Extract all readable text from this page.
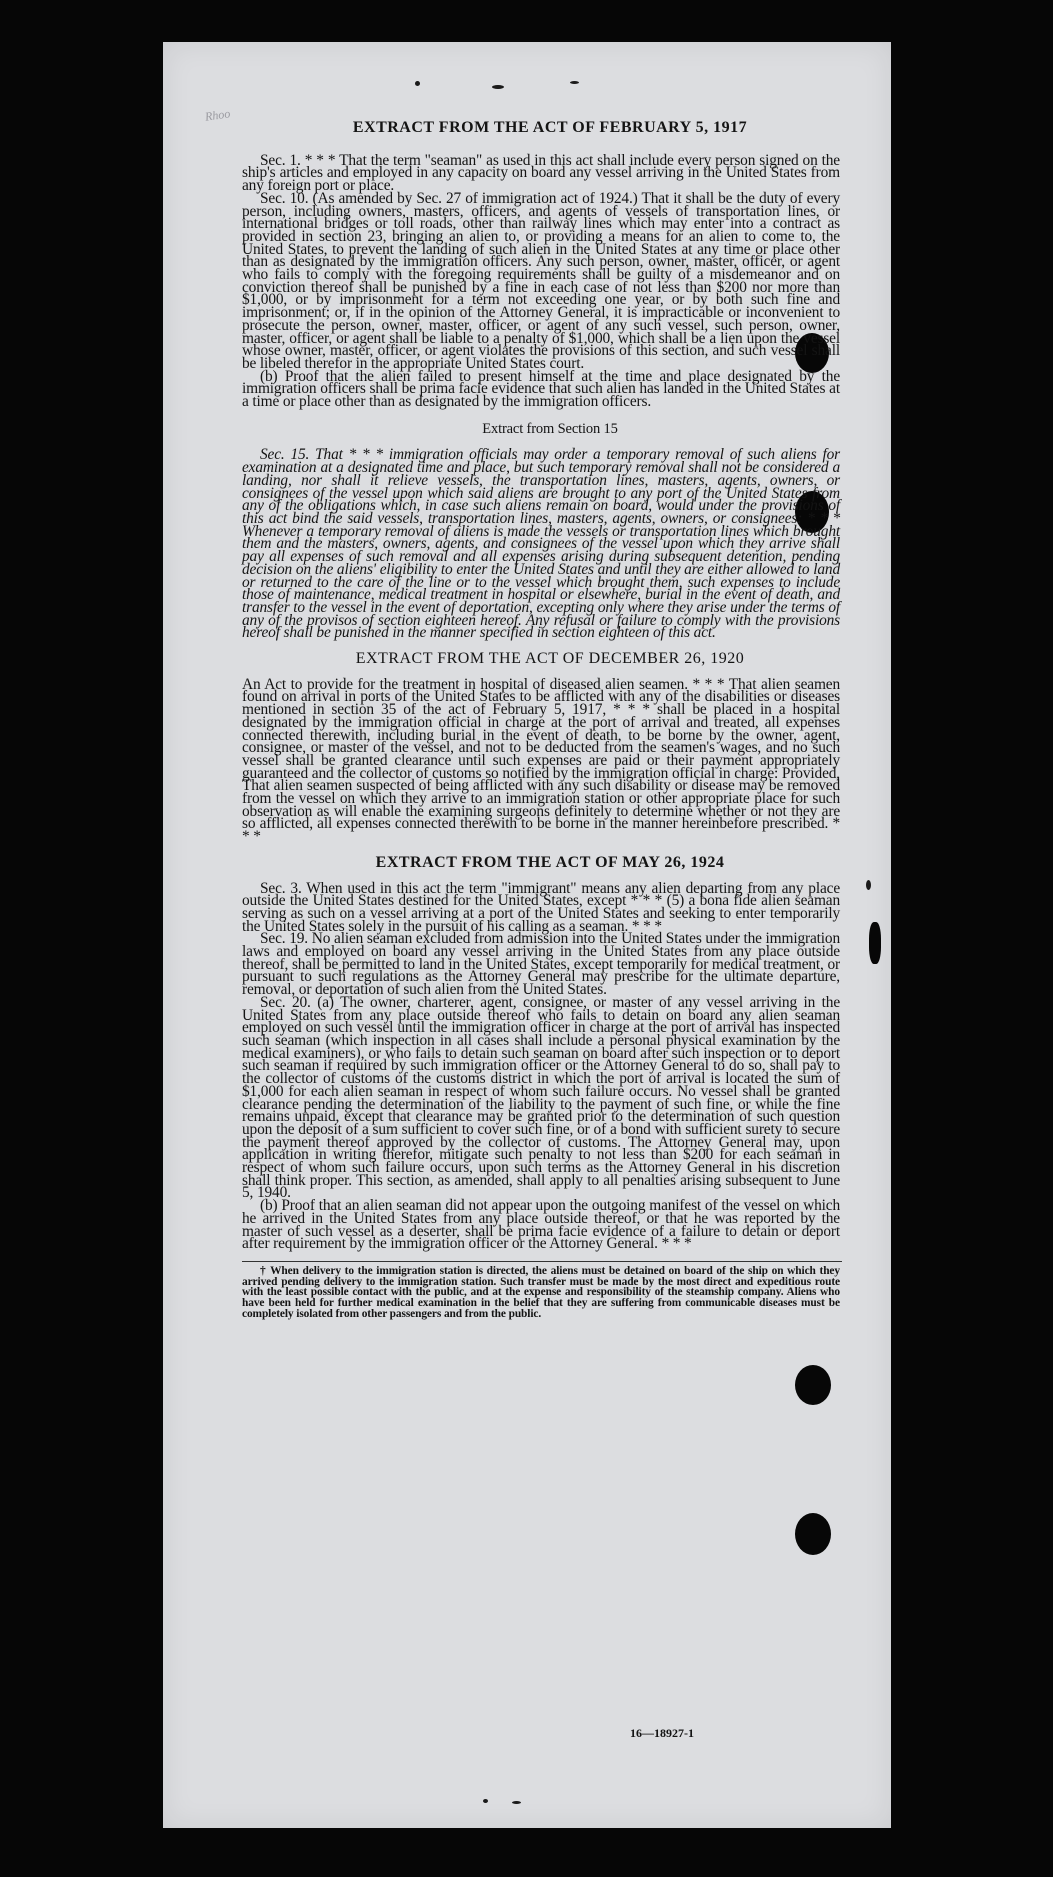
Rhoo

EXTRACT FROM THE ACT OF FEBRUARY 5, 1917

Sec. 1. * * * That the term "seaman" as used in this act shall include every person signed on the ship's articles and employed in any capacity on board any vessel arriving in the United States from any foreign port or place.

Sec. 10. (As amended by Sec. 27 of immigration act of 1924.) That it shall be the duty of every person, including owners, masters, officers, and agents of vessels of transportation lines, or international bridges or toll roads, other than railway lines which may enter into a contract as provided in section 23, bringing an alien to, or providing a means for an alien to come to, the United States, to prevent the landing of such alien in the United States at any time or place other than as designated by the immigration officers. Any such person, owner, master, officer, or agent who fails to comply with the foregoing requirements shall be guilty of a misdemeanor and on conviction thereof shall be punished by a fine in each case of not less than $200 nor more than $1,000, or by imprisonment for a term not exceeding one year, or by both such fine and imprisonment; or, if in the opinion of the Attorney General, it is impracticable or inconvenient to prosecute the person, owner, master, officer, or agent of any such vessel, such person, owner, master, officer, or agent shall be liable to a penalty of $1,000, which shall be a lien upon the vessel whose owner, master, officer, or agent violates the provisions of this section, and such vessel shall be libeled therefor in the appropriate United States court.

(b) Proof that the alien failed to present himself at the time and place designated by the immigration officers shall be prima facie evidence that such alien has landed in the United States at a time or place other than as designated by the immigration officers.

Extract from Section 15

Sec. 15. That * * * immigration officials may order a temporary removal of such aliens for examination at a designated time and place, but such temporary removal shall not be considered a landing, nor shall it relieve vessels, the transportation lines, masters, agents, owners, or consignees of the vessel upon which said aliens are brought to any port of the United States from any of the obligations which, in case such aliens remain on board, would under the provisions of this act bind the said vessels, transportation lines, masters, agents, owners, or consignees: * * * Whenever a temporary removal of aliens is made the vessels or transportation lines which brought them and the masters, owners, agents, and consignees of the vessel upon which they arrive shall pay all expenses of such removal and all expenses arising during subsequent detention, pending decision on the aliens' eligibility to enter the United States and until they are either allowed to land or returned to the care of the line or to the vessel which brought them, such expenses to include those of maintenance, medical treatment in hospital or elsewhere, burial in the event of death, and transfer to the vessel in the event of deportation, excepting only where they arise under the terms of any of the provisos of section eighteen hereof. Any refusal or failure to comply with the provisions hereof shall be punished in the manner specified in section eighteen of this act.

EXTRACT FROM THE ACT OF DECEMBER 26, 1920

An Act to provide for the treatment in hospital of diseased alien seamen. * * * That alien seamen found on arrival in ports of the United States to be afflicted with any of the disabilities or diseases mentioned in section 35 of the act of February 5, 1917, * * * shall be placed in a hospital designated by the immigration official in charge at the port of arrival and treated, all expenses connected therewith, including burial in the event of death, to be borne by the owner, agent, consignee, or master of the vessel, and not to be deducted from the seamen's wages, and no such vessel shall be granted clearance until such expenses are paid or their payment appropriately guaranteed and the collector of customs so notified by the immigration official in charge: Provided, That alien seamen suspected of being afflicted with any such disability or disease may be removed from the vessel on which they arrive to an immigration station or other appropriate place for such observation as will enable the examining surgeons definitely to determine whether or not they are so afflicted, all expenses connected therewith to be borne in the manner hereinbefore prescribed. * * *

EXTRACT FROM THE ACT OF MAY 26, 1924

Sec. 3. When used in this act the term "immigrant" means any alien departing from any place outside the United States destined for the United States, except * * * (5) a bona fide alien seaman serving as such on a vessel arriving at a port of the United States and seeking to enter temporarily the United States solely in the pursuit of his calling as a seaman. * * *

Sec. 19. No alien seaman excluded from admission into the United States under the immigration laws and employed on board any vessel arriving in the United States from any place outside thereof, shall be permitted to land in the United States, except temporarily for medical treatment, or pursuant to such regulations as the Attorney General may prescribe for the ultimate departure, removal, or deportation of such alien from the United States.

Sec. 20. (a) The owner, charterer, agent, consignee, or master of any vessel arriving in the United States from any place outside thereof who fails to detain on board any alien seaman employed on such vessel until the immigration officer in charge at the port of arrival has inspected such seaman (which inspection in all cases shall include a personal physical examination by the medical examiners), or who fails to detain such seaman on board after such inspection or to deport such seaman if required by such immigration officer or the Attorney General to do so, shall pay to the collector of customs of the customs district in which the port of arrival is located the sum of $1,000 for each alien seaman in respect of whom such failure occurs. No vessel shall be granted clearance pending the determination of the liability to the payment of such fine, or while the fine remains unpaid, except that clearance may be granted prior to the determination of such question upon the deposit of a sum sufficient to cover such fine, or of a bond with sufficient surety to secure the payment thereof approved by the collector of customs. The Attorney General may, upon application in writing therefor, mitigate such penalty to not less than $200 for each seaman in respect of whom such failure occurs, upon such terms as the Attorney General in his discretion shall think proper. This section, as amended, shall apply to all penalties arising subsequent to June 5, 1940.

(b) Proof that an alien seaman did not appear upon the outgoing manifest of the vessel on which he arrived in the United States from any place outside thereof, or that he was reported by the master of such vessel as a deserter, shall be prima facie evidence of a failure to detain or deport after requirement by the immigration officer or the Attorney General. * * *

† When delivery to the immigration station is directed, the aliens must be detained on board of the ship on which they arrived pending delivery to the immigration station. Such transfer must be made by the most direct and expeditious route with the least possible contact with the public, and at the expense and responsibility of the steamship company. Aliens who have been held for further medical examination in the belief that they are suffering from communicable diseases must be completely isolated from other passengers and from the public.

16—18927-1
